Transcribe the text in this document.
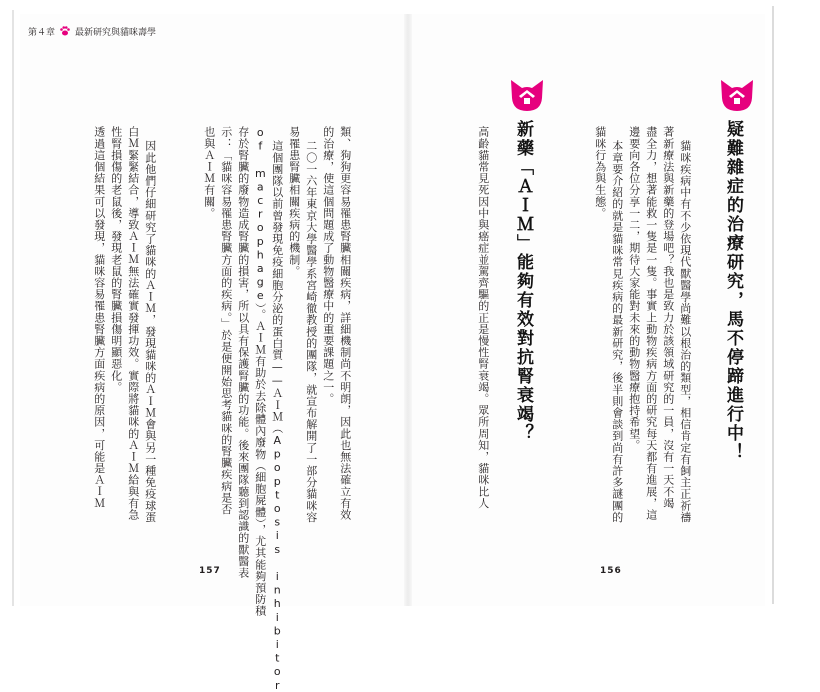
第４章 最新研究與貓咪壽學
疑難雜症的治療研究，馬不停蹄進行中！
貓咪疾病中有不少依現代獸醫學尚難以根治的類型，相信肯定有飼主正祈禱
著新療法與新藥的登場吧？我也是致力於該領域研究的一員，沒有一天不竭
盡全力，想著能救一隻是一隻。事實上動物疾病方面的研究每天都有進展，這
邊要向各位分享一二，期待大家能對未來的動物醫療抱持希望。
本章要介紹的就是貓咪常見疾病的最新研究，後半則會談到尚有許多謎團的
貓咪行為與生態。
156
新藥「ＡＩＭ」能夠有效對抗腎衰竭？
高齡貓常見死因中與癌症並駕齊驅的正是慢性腎衰竭。眾所周知，貓咪比人
類、狗狗更容易罹患腎臟相關疾病，詳細機制尚不明朗，因此也無法確立有效
的治療，使這個問題成了動物醫療中的重要課題之一。
二〇一六年東京大學醫學系宮崎徹教授的團隊，就宣布解開了一部分貓咪容
易罹患腎臟相關疾病的機制。
這個團隊以前曾發現免疫細胞分泌的蛋白質——ＡＩＭ（Apoptosis inhibitor
of macrophage）。ＡＩＭ有助於去除體內廢物（細胞屍體），尤其能夠預防積
存於腎臟的廢物造成腎臟的損害，所以具有保護腎臟的功能。後來團隊聽到認識的獸醫表
示：「貓咪容易罹患腎臟方面的疾病。」於是便開始思考貓咪的腎臟疾病是否
也與ＡＩＭ有關。
因此他們仔細研究了貓咪的ＡＩＭ，發現貓咪的ＡＩＭ會與另一種免疫球蛋
白Ｍ緊緊結合，導致ＡＩＭ無法確實發揮功效。實際將貓咪的ＡＩＭ給與有急
性腎損傷的老鼠後，發現老鼠的腎臟損傷明顯惡化。
透過這個結果可以發現，貓咪容易罹患腎臟方面疾病的原因，可能是ＡＩＭ
157
